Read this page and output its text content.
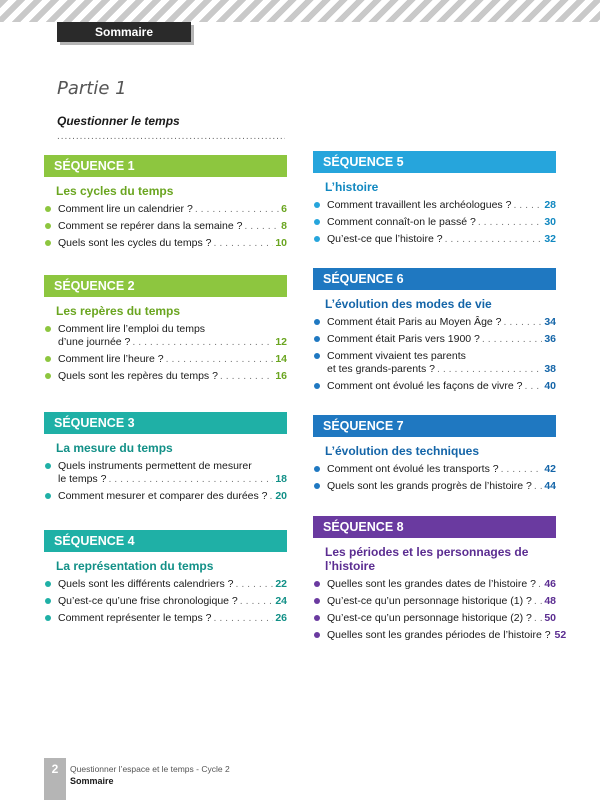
Sommaire
Partie 1
Questionner le temps
.....
SÉQUENCE 1
Les cycles du temps
Comment lire un calendrier ? . . .	6
Comment se repérer dans la semaine ? . . .	8
Quels sont les cycles du temps ? . . .	10
SÉQUENCE 2
Les repères du temps
Comment lire l’emploi du temps
d’une journée ? . . .	12
Comment lire l’heure ? . . .	14
Quels sont les repères du temps ? . . .	16
SÉQUENCE 3
La mesure du temps
Quels instruments permettent de mesurer
le temps ? . . .	18
Comment mesurer et comparer des durées ? . . . 20
SÉQUENCE 4
La représentation du temps
Quels sont les différents calendriers ? . . .	22
Qu’est-ce qu’une frise chronologique ? . . .	24
Comment représenter le temps ? . . .	26
SÉQUENCE 5
L’histoire
Comment travaillent les archéologues ? . . .	28
Comment connaît-on le passé ? . . .	30
Qu’est-ce que l’histoire ? . . .	32
SÉQUENCE 6
L’évolution des modes de vie
Comment était Paris au Moyen Âge ? . . .	34
Comment était Paris vers 1900 ? . . .	36
Comment vivaient tes parents
et tes grands-parents ? . . .	38
Comment ont évolué les façons de vivre ? . . . 40
SÉQUENCE 7
L’évolution des techniques
Comment ont évolué les transports ? . . .	42
Quels sont les grands progrès de l’histoire ? . . . 44
SÉQUENCE 8
Les périodes et les personnages de l’histoire
Quelles sont les grandes dates de l’histoire ? . . . 46
Qu’est-ce qu’un personnage historique (1) ? . . . 48
Qu’est-ce qu’un personnage historique (2) ? . . . 50
Quelles sont les grandes périodes de l’histoire ? 52
2	Questionner l’espace et le temps - Cycle 2
Sommaire
